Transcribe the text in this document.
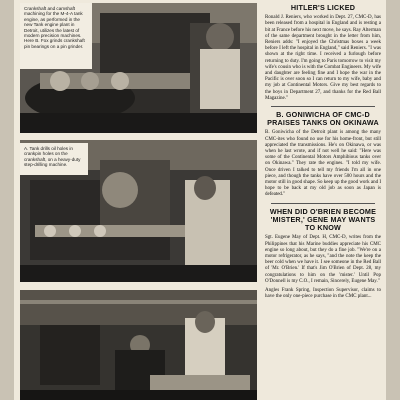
Crankshaft and camshaft machining for the M-4-A tank engine, as performed in the new Tank engine plant in Detroit, utilizes the latest of modern precision machines. Here B. Fox grinds crankshaft pin bearings on a pin grinder.
A. Tank drills oil holes in crankpin holes on the crankshaft, on a heavy-duty step-drilling machine.
HITLER'S LICKED

Ronald J. Reniers, who worked in Dept. 27, CMC-D, has been released from a hospital in England and is resting a bit at France before his next move, he says. Ray Alterman of the same department brought in the letter from him, Reniers adds: "I enjoyed the Christmas boxes a week before I left the hospital in England," said Reniers. "I was shown at the right time. I received a furlough before returning to duty. I'm going to Paris tomorrow to visit my wife's cousin who is with the Combat Engineers. My wife and daughter are feeling fine and I hope the war in the Pacific is over soon so I can return to my wife, baby and my job at Continental Motors. Give my best regards to the boys in Department 27, and thanks for the Red Ball Magazine."

B. GONIWICHA OF CMC-D PRAISES TANKS ON OKINAWA

B. Goniwicha of the Detroit plant is among the many CMC-ites who found no use for his home-front, but still appreciated the transmissions. He's on Okinawa, or was when he last wrote, and if not well he said: "Here was some of the Continental Motors Amphibious tanks over on Okinawa." They rate the engines. "I told my wife. Once driven I talked to tell my friends I'm all in one piece, and though the tanks have over 500 hours and the motor still in good shape. So keep up the good work and I hope to be back at my old job as soon as Japan is defeated."

WHEN DID O'BRIEN BECOME 'MISTER,' GENE MAY WANTS TO KNOW

Sgt. Eugene May of Dept. H, CMC-D, writes from the Philippines that his Marine buddies appreciate his CMC engine so long about, but they do a fine job. "We're on a motor refrigerator, as he says, "and the note the keep the beer cold when we have it. I see someone in the Red Ball of 'Mr. O'Brien.' If that's Jim O'Brien of Dept. 28, my congratulations to him on the 'mister.' Until Pop O'Donnell is my C.O., I remain, Sincerely, Eugene May."

Angles Frank Spring, Inspection Supervisor, claims to have the only one-piece purchase in the CMC plant...
